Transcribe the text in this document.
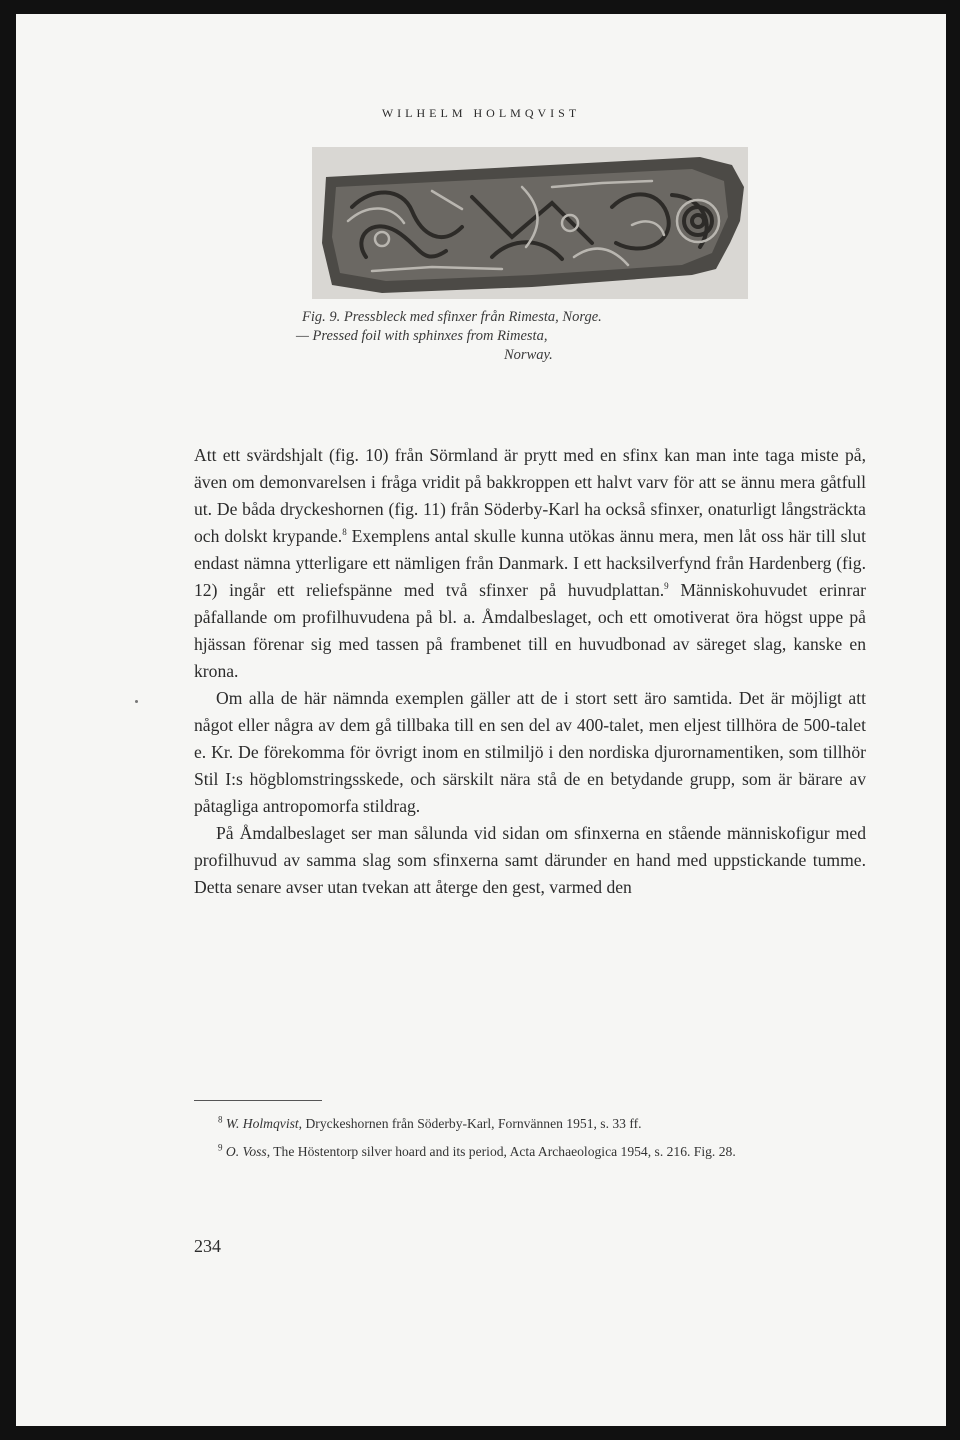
WILHELM HOLMQVIST
Fig. 9. Pressbleck med sfinxer från Rimesta, Norge.
— Pressed foil with sphinxes from Rimesta,
Norway.

Att ett svärdshjalt (fig. 10) från Sörmland är prytt med en sfinx kan man inte taga miste på, även om demonvarelsen i fråga vridit på bakkroppen ett halvt varv för att se ännu mera gåtfull ut. De båda dryckeshornen (fig. 11) från Söderby-Karl ha också sfinxer, onaturligt långsträckta och dolskt krypande.$^8$ Exemplens antal skulle kunna utökas ännu mera, men låt oss här till slut endast nämna ytterligare ett nämligen från Danmark. I ett hacksilverfynd från Hardenberg (fig. 12) ingår ett reliefspänne med två sfinxer på huvudplattan.$^9$ Människohuvudet erinrar påfallande om profilhuvudena på bl. a. Åmdalbeslaget, och ett omotiverat öra högst uppe på hjässan förenar sig med tassen på frambenet till en huvudbonad av säreget slag, kanske en krona.

Om alla de här nämnda exemplen gäller att de i stort sett äro samtida. Det är möjligt att något eller några av dem gå tillbaka till en sen del av 400-talet, men eljest tillhöra de 500-talet e. Kr. De förekomma för övrigt inom en stilmiljö i den nordiska djurornamentiken, som tillhör Stil I:s högblomstringsskede, och särskilt nära stå de en betydande grupp, som är bärare av påtagliga antropomorfa stildrag.

På Åmdalbeslaget ser man sålunda vid sidan om sfinxerna en stående människofigur med profilhuvud av samma slag som sfinxerna samt därunder en hand med uppstickande tumme. Detta senare avser utan tvekan att återge den gest, varmed den

$^8$ W. Holmqvist, Dryckeshornen från Söderby-Karl, Fornvännen 1951, s. 33 ff.

$^9$ O. Voss, The Höstentorp silver hoard and its period, Acta Archaeologica 1954, s. 216. Fig. 28.

234
